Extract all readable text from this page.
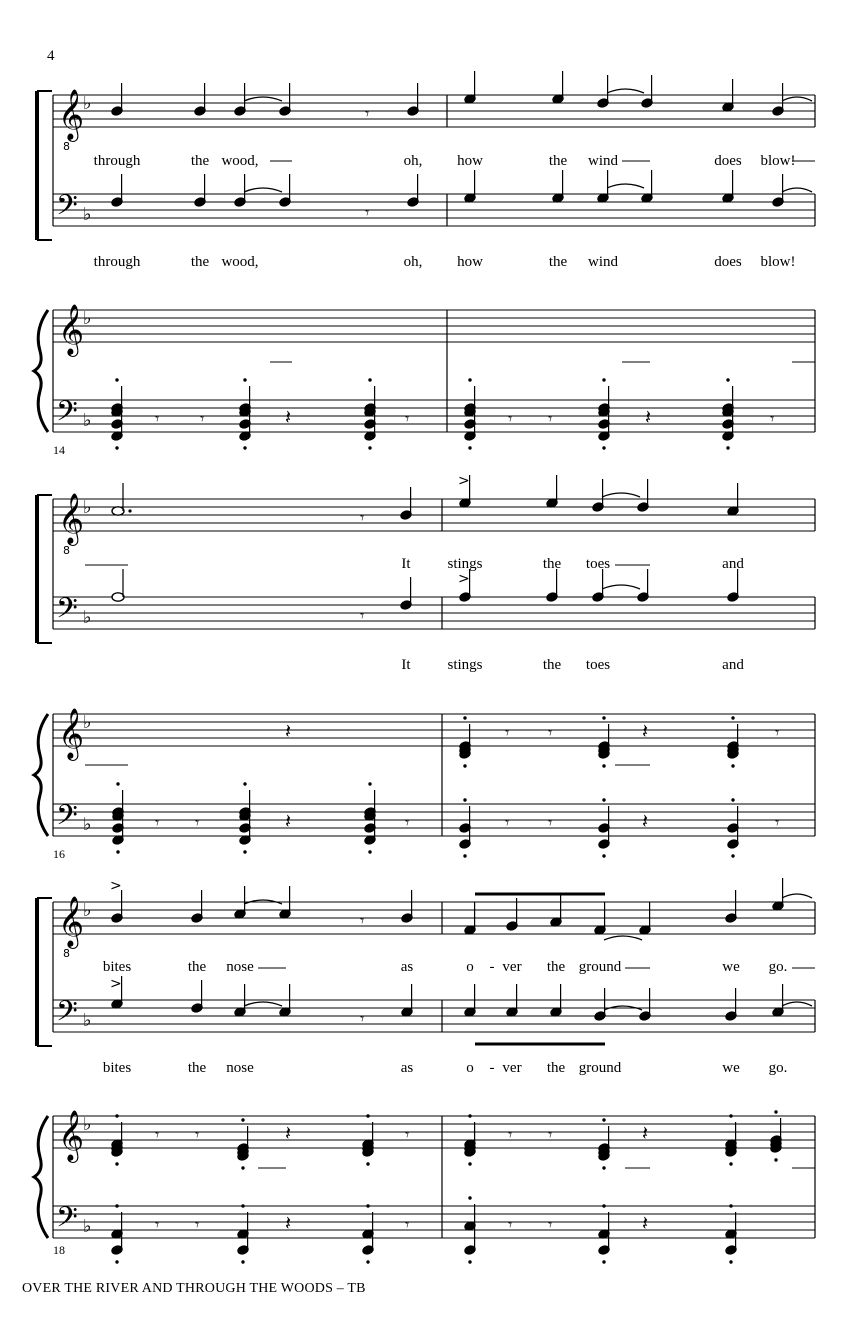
4
𝄞
♭
𝄢 ♭
𝄞
♭
𝄢 ♭
8
𝄞
♭
𝄢 ♭
𝄞
♭
𝄢 ♭
8
𝄞
♭
𝄢 ♭
𝄞
♭
𝄢 ♭
8
𝄾
𝄾
𝄾	𝄾	𝄾	𝄾 𝄾	𝄾
𝄽	𝄽
𝄾
𝄾
>
>
𝄾 𝄾	𝄾	𝄾 𝄾	𝄾
𝄾 𝄾	𝄾
𝄽
𝄽
𝄽
𝄽
𝄾
𝄾
>
>
𝄾
𝄾
𝄾
𝄾
𝄾
𝄾
𝄾
𝄾
𝄾
𝄾
𝄽
𝄽
𝄽
𝄽
through	the wood,	oh, how	the wind	does blow!
through	the wood,	oh, how	the wind	does blow!
14
It stings	the toes	and
It stings	the toes	and
16
bites	the nose	as	o - ver the ground	we go.
bites	the nose	as	o - ver the ground	we go.
18
OVER THE RIVER AND THROUGH THE WOODS – TB
